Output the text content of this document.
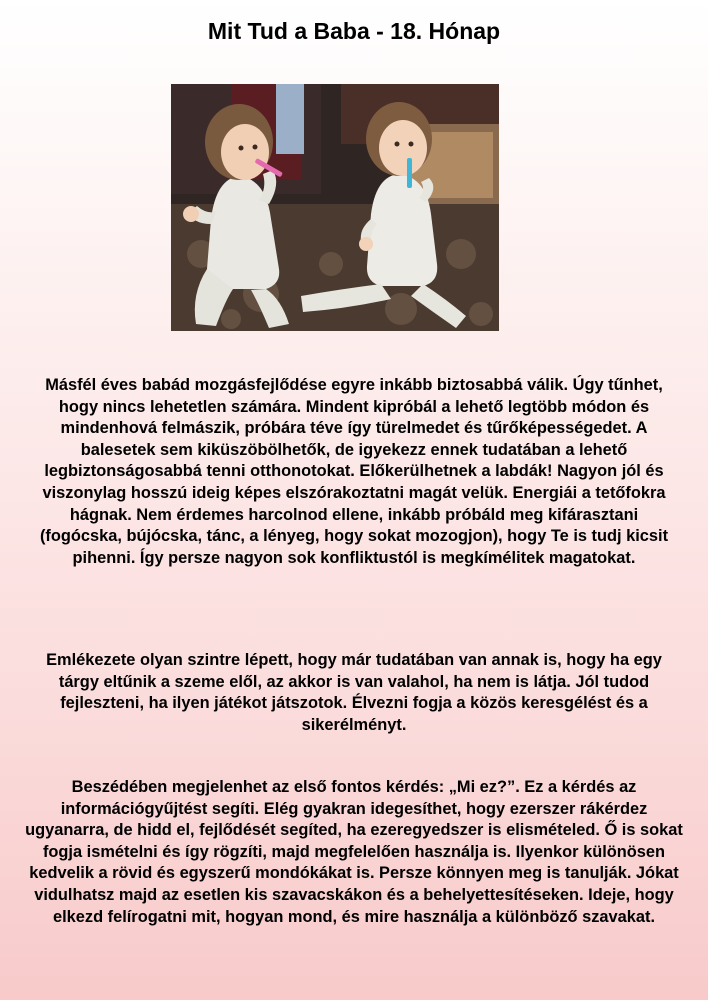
Mit Tud a Baba - 18. Hónap

Másfél éves babád mozgásfejlődése egyre inkább biztosabbá válik. Úgy tűnhet, hogy nincs lehetetlen számára. Mindent kipróbál a lehető legtöbb módon és mindenhová felmászik, próbára téve így türelmedet és tűrőképességedet. A balesetek sem kiküszöbölhetők, de igyekezz ennek tudatában a lehető legbiztonságosabbá tenni otthonotokat. Előkerülhetnek a labdák! Nagyon jól és viszonylag hosszú ideig képes elszórakoztatni magát velük. Energiái a tetőfokra hágnak. Nem érdemes harcolnod ellene, inkább próbáld meg kifárasztani (fogócska, bújócska, tánc, a lényeg, hogy sokat mozogjon), hogy Te is tudj kicsit pihenni. Így persze nagyon sok konfliktustól is megkímélitek magatokat.

Emlékezete olyan szintre lépett, hogy már tudatában van annak is, hogy ha egy tárgy eltűnik a szeme elől, az akkor is van valahol, ha nem is látja. Jól tudod fejleszteni, ha ilyen játékot játszotok. Élvezni fogja a közös keresgélést és a sikerélményt.

Beszédében megjelenhet az első fontos kérdés: „Mi ez?”. Ez a kérdés az információgyűjtést segíti. Elég gyakran idegesíthet, hogy ezerszer rákérdez ugyanarra, de hidd el, fejlődését segíted, ha ezeregyedszer is elismételed. Ő is sokat fogja ismételni és így rögzíti, majd megfelelően használja is. Ilyenkor különösen kedvelik a rövid és egyszerű mondókákat is. Persze könnyen meg is tanulják. Jókat vidulhatsz majd az esetlen kis szavacskákon és a behelyettesítéseken. Ideje, hogy elkezd felírogatni mit, hogyan mond, és mire használja a különböző szavakat.
